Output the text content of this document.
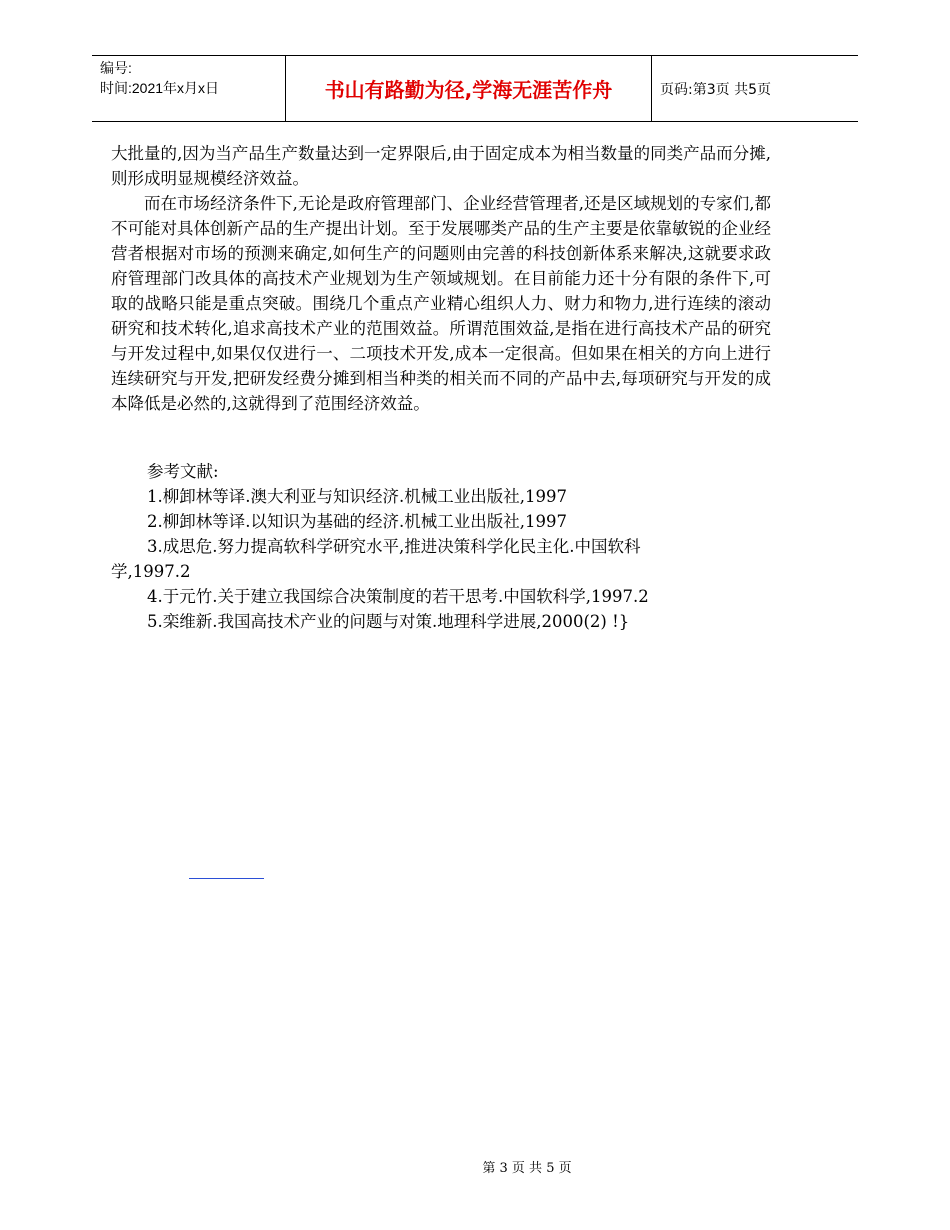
编号:
时间:2021年x月x日	书山有路勤为径,学海无涯苦作舟	页码:第3页 共5页

大批量的,因为当产品生产数量达到一定界限后,由于固定成本为相当数量的同类产品而分摊,则形成明显规模经济效益。

而在市场经济条件下,无论是政府管理部门、企业经营管理者,还是区域规划的专家们,都不可能对具体创新产品的生产提出计划。至于发展哪类产品的生产主要是依靠敏锐的企业经营者根据对市场的预测来确定,如何生产的问题则由完善的科技创新体系来解决,这就要求政府管理部门改具体的高技术产业规划为生产领域规划。在目前能力还十分有限的条件下,可取的战略只能是重点突破。围绕几个重点产业精心组织人力、财力和物力,进行连续的滚动研究和技术转化,追求高技术产业的范围效益。所谓范围效益,是指在进行高技术产品的研究与开发过程中,如果仅仅进行一、二项技术开发,成本一定很高。但如果在相关的方向上进行连续研究与开发,把研发经费分摊到相当种类的相关而不同的产品中去,每项研究与开发的成本降低是必然的,这就得到了范围经济效益。

参考文献:
1.柳卸林等译.澳大利亚与知识经济.机械工业出版社,1997
2.柳卸林等译.以知识为基础的经济.机械工业出版社,1997
3.成思危.努力提高软科学研究水平,推进决策科学化民主化.中国软科
学,1997.2
4.于元竹.关于建立我国综合决策制度的若干思考.中国软科学,1997.2
5.栾维新.我国高技术产业的问题与对策.地理科学进展,2000(2) !}
第 3 页 共 5 页
